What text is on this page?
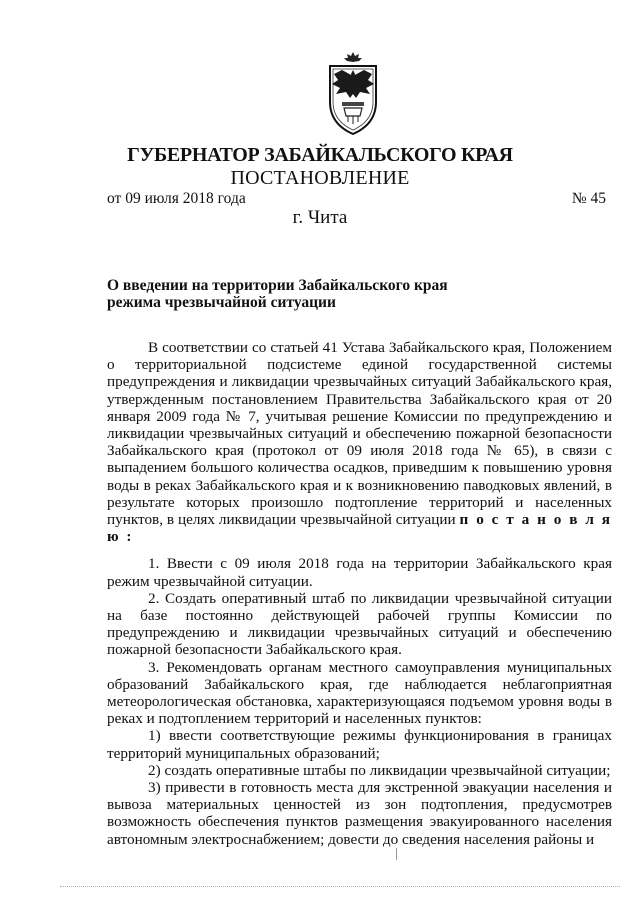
ГУБЕРНАТОР ЗАБАЙКАЛЬСКОГО КРАЯ
ПОСТАНОВЛЕНИЕ
от 09 июля 2018 года	№ 45
г. Чита
О введении на территории Забайкальского края
режима чрезвычайной ситуации

В соответствии со статьей 41 Устава Забайкальского края, Положением о территориальной подсистеме единой государственной системы предупреждения и ликвидации чрезвычайных ситуаций Забайкальского края, утвержденным постановлением Правительства Забайкальского края от 20 января 2009 года № 7, учитывая решение Комиссии по предупреждению и ликвидации чрезвычайных ситуаций и обеспечению пожарной безопасности Забайкальского края (протокол от 09 июля 2018 года № 65), в связи с выпадением большого количества осадков, приведшим к повышению уровня воды в реках Забайкальского края и к возникновению паводковых явлений, в результате которых произошло подтопление территорий и населенных пунктов, в целях ликвидации чрезвычайной ситуации п о с т а н о в л я ю :

1. Ввести с 09 июля 2018 года на территории Забайкальского края режим чрезвычайной ситуации.

2. Создать оперативный штаб по ликвидации чрезвычайной ситуации на базе постоянно действующей рабочей группы Комиссии по предупреждению и ликвидации чрезвычайных ситуаций и обеспечению пожарной безопасности Забайкальского края.

3. Рекомендовать органам местного самоуправления муниципальных образований Забайкальского края, где наблюдается неблагоприятная метеорологическая обстановка, характеризующаяся подъемом уровня воды в реках и подтоплением территорий и населенных пунктов:

1) ввести соответствующие режимы функционирования в границах территорий муниципальных образований;

2) создать оперативные штабы по ликвидации чрезвычайной ситуации;

3) привести в готовность места для экстренной эвакуации населения и вывоза материальных ценностей из зон подтопления, предусмотрев возможность обеспечения пунктов размещения эвакуированного населения автономным электроснабжением; довести до сведения населения районы и
